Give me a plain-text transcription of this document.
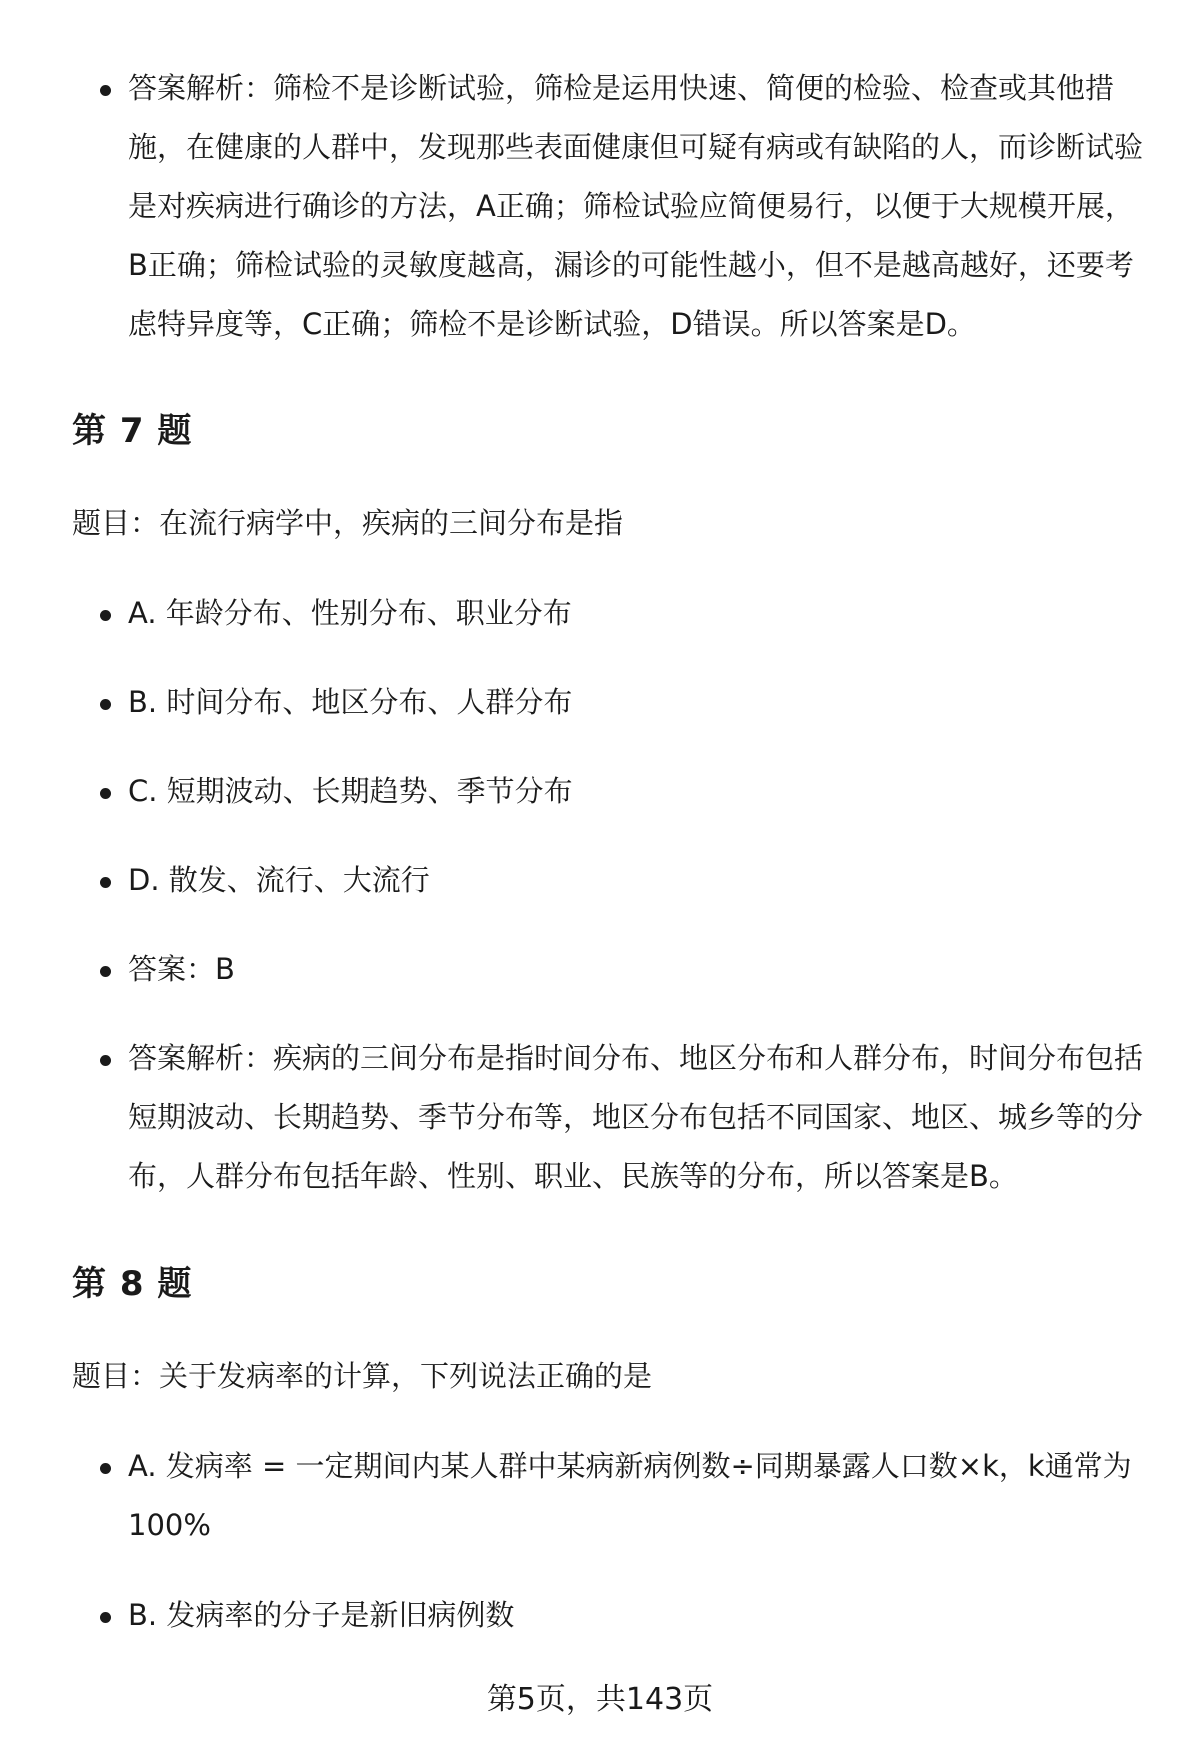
答案解析：筛检不是诊断试验，筛检是运用快速、简便的检验、检查或其他措施，在健康的人群中，发现那些表面健康但可疑有病或有缺陷的人，而诊断试验是对疾病进行确诊的方法，A正确；筛检试验应简便易行，以便于大规模开展，B正确；筛检试验的灵敏度越高，漏诊的可能性越小，但不是越高越好，还要考虑特异度等，C正确；筛检不是诊断试验，D错误。所以答案是D。
第 7 题
题目：在流行病学中，疾病的三间分布是指
A. 年龄分布、性别分布、职业分布
B. 时间分布、地区分布、人群分布
C. 短期波动、长期趋势、季节分布
D. 散发、流行、大流行
答案：B
答案解析：疾病的三间分布是指时间分布、地区分布和人群分布，时间分布包括短期波动、长期趋势、季节分布等，地区分布包括不同国家、地区、城乡等的分布，人群分布包括年龄、性别、职业、民族等的分布，所以答案是B。
第 8 题
题目：关于发病率的计算，下列说法正确的是
A. 发病率 = 一定期间内某人群中某病新病例数÷同期暴露人口数×k，k通常为100%
B. 发病率的分子是新旧病例数
第5页，共143页
